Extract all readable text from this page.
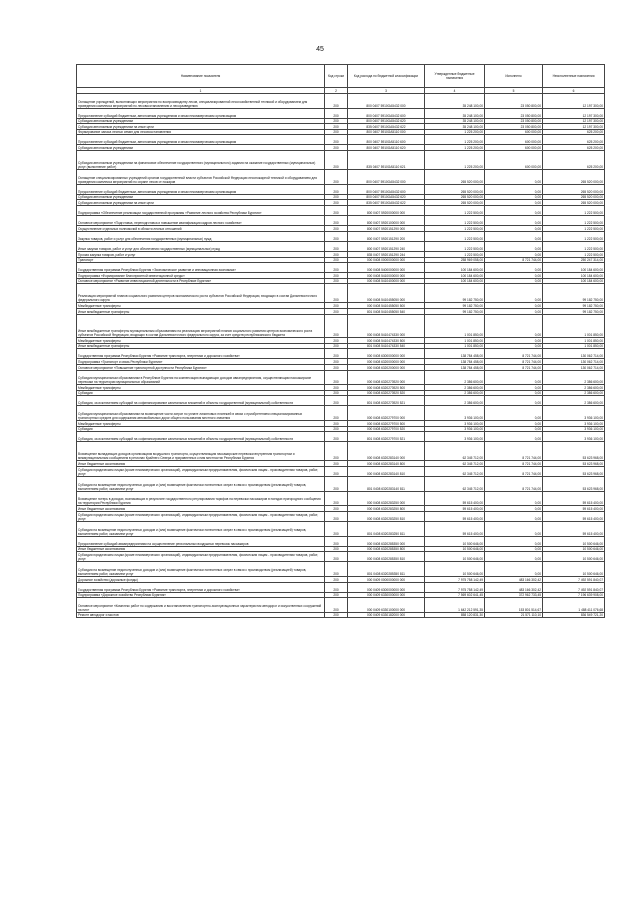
45
Наименование показателя	Код строки	Код расхода по бюджетной классификации	Утвержденные бюджетные назначения	Исполнено	Неисполненные назначения
1	2	3	4	5	6
Оснащение учреждений, выполняющих мероприятия по воспроизводству лесов, специализированной лесохозяйственной техникой и оборудованием для проведения комплекса мероприятий по лесовосстановлению и лесоразведению	200	800 0407 5910GA5432 000	35 248 100,00	23 050 800,00	12 197 300,00
Предоставление субсидий бюджетным, автономным учреждениям и иным некоммерческим организациям	200	800 0407 5910GA5432 600	35 248 100,00	23 050 800,00	12 197 300,00
Субсидии автономным учреждениям	200	800 0407 5910GA5432 620	35 248 100,00	23 050 800,00	12 197 300,00
Субсидии автономным учреждениям на иные цели	200	835 0407 5910GA5432 622	35 248 100,00	23 050 800,00	12 197 300,00
Формирование запаса лесных семян для лесовосстановления	200	800 0407 5910GA5110 000	1 225 200,00	600 000,00	625 200,00
Предоставление субсидий бюджетным, автономным учреждениям и иным некоммерческим организациям	200	800 0407 5910GA5110 600	1 225 200,00	600 000,00	625 200,00
Субсидии автономным учреждениям	200	800 0407 5910GA5110 620	1 225 200,00	600 000,00	625 200,00
Субсидии автономным учреждениям на финансовое обеспечение государственного (муниципального) задания на оказание государственных (муниципальных) услуг (выполнение работ)	200	835 0407 5910GA5110 621	1 225 200,00	600 000,00	625 200,00
Оснащение специализированных учреждений органов государственной власти субъектов Российской Федерации лесопожарной техникой и оборудованием для проведения комплекса мероприятий по охране лесов от пожаров	200	800 0407 5910GA5432 000	265 520 000,00	0,00	265 520 000,00
Предоставление субсидий бюджетным, автономным учреждениям и иным некоммерческим организациям	200	800 0407 5910GA5432 600	265 520 000,00	0,00	265 520 000,00
Субсидии автономным учреждениям	200	800 0407 5910GA5432 620	265 520 000,00	0,00	265 520 000,00
Субсидии автономным учреждениям на иные цели	200	835 0407 5910GA5432 622	265 520 000,00	0,00	265 520 000,00
Подпрограмма «Обеспечение реализации государственной программы «Развитие лесного хозяйства Республики Бурятия»	200	800 0407 5920000000 000	1 222 500,00	0,00	1 222 500,00
Основное мероприятие «Подготовка, переподготовка и повышение квалификации кадров лесного хозяйства»	200	800 0407 5920100000 000	1 222 500,00	0,00	1 222 500,00
Осуществление отдельных полномочий в области лесных отношений	200	800 0407 5920151290 000	1 222 500,00	0,00	1 222 500,00
Закупка товаров, работ и услуг для обеспечения государственных (муниципальных) нужд	200	800 0407 5920151290 200	1 222 500,00	0,00	1 222 500,00
Иные закупки товаров, работ и услуг для обеспечения государственных (муниципальных) нужд	200	800 0407 5920151290 240	1 222 500,00	0,00	1 222 500,00
Прочая закупка товаров, работ и услуг	200	835 0407 5920151290 244	1 222 500,00	0,00	1 222 500,00
Транспорт	200	000 0408 0000000000 000	258 969 058,00	8 721 744,00	250 247 314,00
Государственная программа Республики Бурятия «Экономическое развитие и инновационная экономика»	200	000 0408 5400000000 000	100 184 600,00	0,00	100 184 600,00
Подпрограмма «Формирование благоприятной инвестиционной среды»	200	000 0408 5410000000 000	100 184 600,00	0,00	100 184 600,00
Основное мероприятие «Развитие инвестиционной деятельности в Республике Бурятия»	200	000 0408 5410400000 000	100 184 600,00	0,00	100 184 600,00
Реализация мероприятий планов социального развития центров экономического роста субъектов Российской Федерации, входящих в состав Дальневосточного федерального округа	200	000 0408 5410455050 000	99 182 750,00	0,00	99 182 750,00
Межбюджетные трансферты	200	000 0408 5410455050 500	99 182 750,00	0,00	99 182 750,00
Иные межбюджетные трансферты	200	801 0408 5410455050 540	99 182 750,00	0,00	99 182 750,00
Иные межбюджетные трансферты муниципальным образованиям на реализацию мероприятий планов социального развития центров экономического роста субъектов Российской Федерации, входящих в состав Дальневосточного федерального округа, за счет средств республиканского бюджета	200	000 0408 5410474330 000	1 001 850,00	0,00	1 001 850,00
Межбюджетные трансферты	200	000 0408 5410474330 500	1 001 850,00	0,00	1 001 850,00
Иные межбюджетные трансферты	200	801 0408 5410474330 540	1 001 850,00	0,00	1 001 850,00
Государственная программа Республики Бурятия «Развитие транспорта, энергетики и дорожного хозяйства»	200	000 0408 6300000000 000	138 784 458,00	8 721 744,00	130 062 714,00
Подпрограмма «Транспорт и связь Республики Бурятия»	200	000 0408 6320000000 000	138 784 458,00	8 721 744,00	130 062 714,00
Основное мероприятие «Повышение транспортной доступности Республики Бурятия»	200	000 0408 6320200000 000	138 784 458,00	8 721 744,00	130 062 714,00
Субсидии муниципальным образованиям в Республике Бурятия на компенсацию выпадающих доходов авиапредприятиям, осуществляющим пассажирские перевозки на территории муниципальных образований	200	000 0408 6320273920 000	2 386 600,00	0,00	2 386 600,00
Межбюджетные трансферты	200	000 0408 6320273920 500	2 386 600,00	0,00	2 386 600,00
Субсидии	200	000 0408 6320273920 520	2 386 600,00	0,00	2 386 600,00
Субсидии, за исключением субсидий на софинансирование капитальных вложений в объекты государственной (муниципальной) собственности	200	801 0408 6320273920 521	2 386 600,00	0,00	2 386 600,00
Субсидии муниципальным образованиям на возмещение части затрат по уплате лизинговых платежей в связи с приобретением специализированных транспортных средств для содержания автомобильных дорог общего пользования местного значения	200	000 0408 6320279700 000	3 936 100,00	0,00	3 936 100,00
Межбюджетные трансферты	200	000 0408 6320279700 500	3 936 100,00	0,00	3 936 100,00
Субсидии	200	000 0408 6320279700 520	3 936 100,00	0,00	3 936 100,00
Субсидии, за исключением субсидий на софинансирование капитальных вложений в объекты государственной (муниципальной) собственности	200	801 0408 6320279700 521	3 936 100,00	0,00	3 936 100,00
Возмещение выпадающих доходов организациям воздушного транспорта, осуществляющим пассажирские перевозки внутренним транспортом и межмуниципальным сообщением в регионах Крайнего Севера и приравненных к ним местностях Республики Бурятия	200	000 0408 6320283140 000	62 345 712,00	8 721 744,00	53 623 968,00
Иные бюджетные ассигнования	200	000 0408 6320283140 800	62 345 712,00	8 721 744,00	53 623 968,00
Субсидии юридическим лицам (кроме некоммерческих организаций), индивидуальным предпринимателям, физическим лицам - производителям товаров, работ, услуг	200	000 0408 6320283140 810	62 345 712,00	8 721 744,00	53 623 968,00
Субсидии на возмещение недополученных доходов и (или) возмещение фактически понесенных затрат в связи с производством (реализацией) товаров, выполнением работ, оказанием услуг	200	801 0408 6320283140 811	62 345 712,00	8 721 744,00	53 623 968,00
Возмещение потерь в доходах, возникающих в результате государственного регулирования тарифов на перевозки пассажиров в поездах пригородного сообщения на территории Республики Бурятия	200	000 0408 6320283250 000	59 615 400,00	0,00	59 615 400,00
Иные бюджетные ассигнования	200	000 0408 6320283250 800	59 615 400,00	0,00	59 615 400,00
Субсидии юридическим лицам (кроме некоммерческих организаций), индивидуальным предпринимателям, физическим лицам - производителям товаров, работ, услуг	200	000 0408 6320283250 810	59 615 400,00	0,00	59 615 400,00
Субсидии на возмещение недополученных доходов и (или) возмещение фактически понесенных затрат в связи с производством (реализацией) товаров, выполнением работ, оказанием услуг	200	801 0408 6320283250 811	59 615 400,00	0,00	59 615 400,00
Предоставление субсидий авиапредприятиям на осуществление региональных воздушных перевозок пассажиров	200	000 0408 6320285350 000	10 500 646,00	0,00	10 500 646,00
Иные бюджетные ассигнования	200	000 0408 6320285350 800	10 500 646,00	0,00	10 500 646,00
Субсидии юридическим лицам (кроме некоммерческих организаций), индивидуальным предпринимателям, физическим лицам - производителям товаров, работ, услуг	200	000 0408 6320285350 810	10 500 646,00	0,00	10 500 646,00
Субсидии на возмещение недополученных доходов и (или) возмещение фактически понесенных затрат в связи с производством (реализацией) товаров, выполнением работ, оказанием услуг	200	801 0408 6320285350 811	10 500 646,00	0,00	10 500 646,00
Дорожное хозяйство (дорожные фонды)	200	000 0409 0000000000 000	7 975 758 142,49	483 166 302,42	7 492 591 840,07
Государственная программа Республики Бурятия «Развитие транспорта, энергетики и дорожного хозяйства»	200	000 0409 6300000000 000	7 975 758 142,49	483 166 302,42	7 492 591 840,07
Подпрограмма «Дорожное хозяйство Республики Бурятия»	200	000 0409 6330000000 000	7 569 602 641,45	372 962 733,45	7 196 639 908,00
Основное мероприятие «Комплекс работ по содержанию и восстановлению транспортно-эксплуатационных характеристик автодорог и искусственных сооружений на них»	200	000 0409 6330100000 000	1 642 212 591,35	153 801 514,67	1 488 411 076,68
Ремонт автодорог и мостов	200	000 0409 6330182000 000	858 120 831,30	21 571 110,10	836 549 721,20
